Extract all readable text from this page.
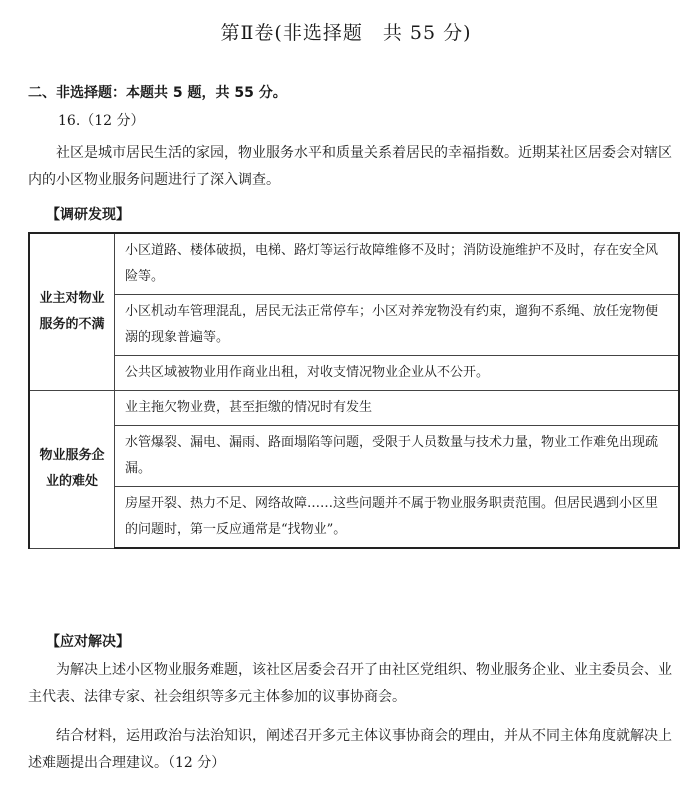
第Ⅱ卷(非选择题　共 55 分)
二、非选择题：本题共 5 题，共 55 分。
16.（12 分）

社区是城市居民生活的家园，物业服务水平和质量关系着居民的幸福指数。近期某社区居委会对辖区内的小区物业服务问题进行了深入调查。

【调研发现】
业主对物业服务的不满	小区道路、楼体破损，电梯、路灯等运行故障维修不及时；消防设施维护不及时，存在安全风险等。
	小区机动车管理混乱，居民无法正常停车；小区对养宠物没有约束，遛狗不系绳、放任宠物便溺的现象普遍等。
	公共区域被物业用作商业出租，对收支情况物业企业从不公开。
物业服务企业的难处	业主拖欠物业费，甚至拒缴的情况时有发生
	水管爆裂、漏电、漏雨、路面塌陷等问题，受限于人员数量与技术力量，物业工作难免出现疏漏。
	房屋开裂、热力不足、网络故障……这些问题并不属于物业服务职责范围。但居民遇到小区里的问题时，第一反应通常是“找物业”。
【应对解决】

为解决上述小区物业服务难题，该社区居委会召开了由社区党组织、物业服务企业、业主委员会、业主代表、法律专家、社会组织等多元主体参加的议事协商会。

结合材料，运用政治与法治知识，阐述召开多元主体议事协商会的理由，并从不同主体角度就解决上述难题提出合理建议。（12 分）
